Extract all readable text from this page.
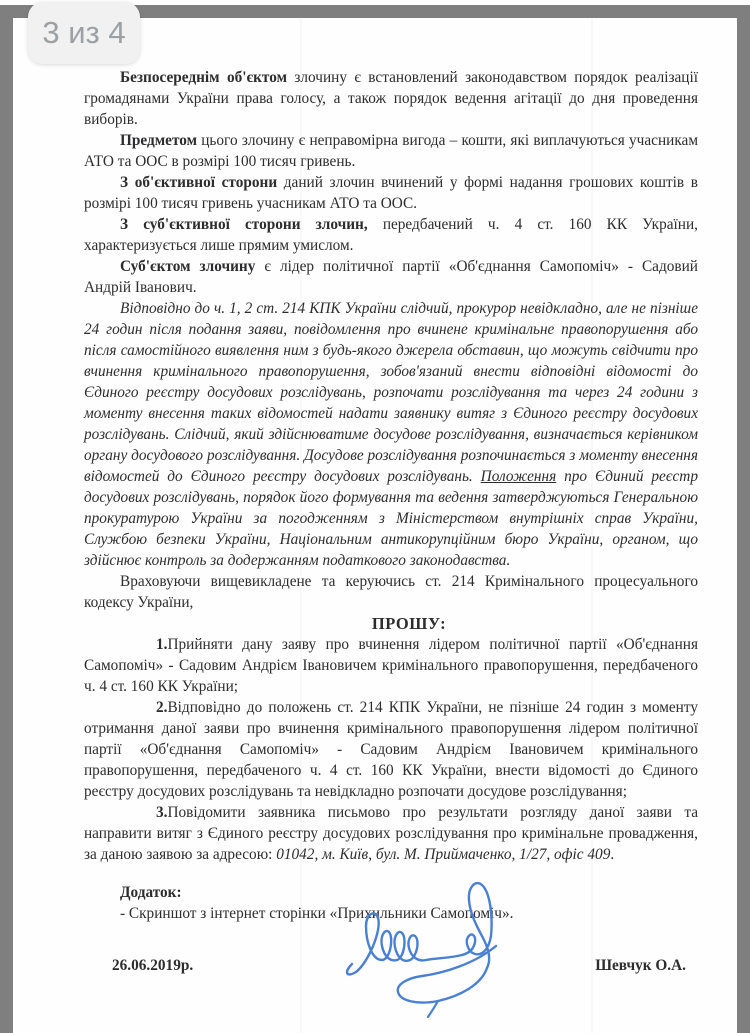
3 из 4

Безпосереднім об'єктом злочину є встановлений законодавством порядок реалізації громадянами України права голосу, а також порядок ведення агітації до дня проведення виборів.

Предметом цього злочину є неправомірна вигода – кошти, які виплачуються учасникам АТО та ООС в розмірі 100 тисяч гривень.

З об'єктивної сторони даний злочин вчинений у формі надання грошових коштів в розмірі 100 тисяч гривень учасникам АТО та ООС.

З суб'єктивної сторони злочин, передбачений ч. 4 ст. 160 КК України, характеризується лише прямим умислом.

Суб'єктом злочину є лідер політичної партії «Об'єднання Самопоміч» - Садовий Андрій Іванович.

Відповідно до ч. 1, 2 ст. 214 КПК України слідчий, прокурор невідкладно, але не пізніше 24 годин після подання заяви, повідомлення про вчинене кримінальне правопорушення або після самостійного виявлення ним з будь-якого джерела обставин, що можуть свідчити про вчинення кримінального правопорушення, зобов'язаний внести відповідні відомості до Єдиного реєстру досудових розслідувань, розпочати розслідування та через 24 години з моменту внесення таких відомостей надати заявнику витяг з Єдиного реєстру досудових розслідувань. Слідчий, який здійснюватиме досудове розслідування, визначається керівником органу досудового розслідування. Досудове розслідування розпочинається з моменту внесення відомостей до Єдиного реєстру досудових розслідувань. Положення про Єдиний реєстр досудових розслідувань, порядок його формування та ведення затверджуються Генеральною прокуратурою України за погодженням з Міністерством внутрішніх справ України, Службою безпеки України, Національним антикорупційним бюро України, органом, що здійснює контроль за додержанням податкового законодавства.

Враховуючи вищевикладене та керуючись ст. 214 Кримінального процесуального кодексу України,

ПРОШУ:

1.Прийняти дану заяву про вчинення лідером політичної партії «Об'єднання Самопоміч» - Садовим Андрієм Івановичем кримінального правопорушення, передбаченого ч. 4 ст. 160 КК України;

2.Відповідно до положень ст. 214 КПК України, не пізніше 24 годин з моменту отримання даної заяви про вчинення кримінального правопорушення лідером політичної партії «Об'єднання Самопоміч» - Садовим Андрієм Івановичем кримінального правопорушення, передбаченого ч. 4 ст. 160 КК України, внести відомості до Єдиного реєстру досудових розслідувань та невідкладно розпочати досудове розслідування;

3.Повідомити заявника письмово про результати розгляду даної заяви та направити витяг з Єдиного реєстру досудових розслідування про кримінальне провадження, за даною заявою за адресою: 01042, м. Київ, бул. М. Приймаченко, 1/27, офіс 409.

Додаток:

- Скриншот з інтернет сторінки «Прихильники Самопоміч».

26.06.2019р.	Шевчук О.А.
